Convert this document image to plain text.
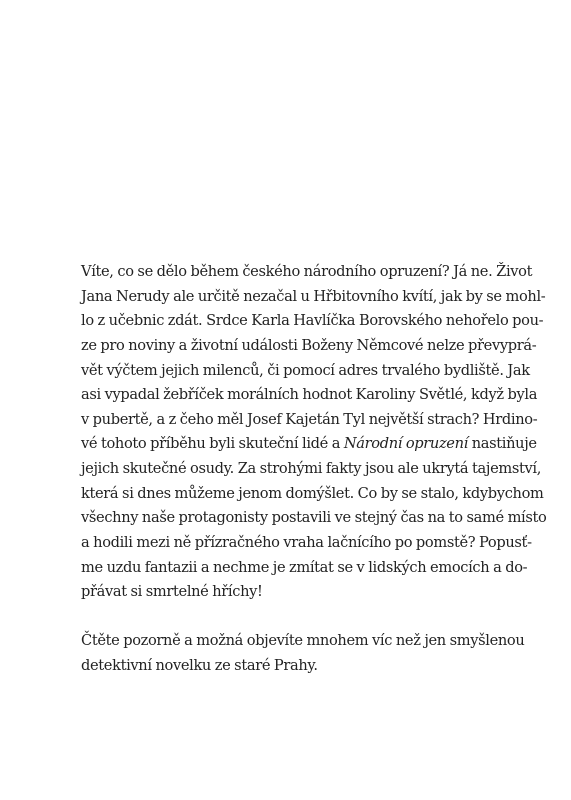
Víte, co se dělo během českého národního opruzení? Já ne. Život
Jana Nerudy ale určitě nezačal u Hřbitovního kvítí, jak by se mohl-
lo z učebnic zdát. Srdce Karla Havlíčka Borovského nehořelo pou-
ze pro noviny a životní události Boženy Němcové nelze převyprá-
vět výčtem jejich milenců, či pomocí adres trvalého bydliště. Jak
asi vypadal žebříček morálních hodnot Karoliny Světlé, když byla
v pubertě, a z čeho měl Josef Kajetán Tyl největší strach? Hrdino-
vé tohoto příběhu byli skuteční lidé a Národní opruzení nastiňuje
jejich skutečné osudy. Za strohými fakty jsou ale ukrytá tajemství,
která si dnes můžeme jenom domýšlet. Co by se stalo, kdybychom
všechny naše protagonisty postavili ve stejný čas na to samé místo
a hodili mezi ně přízračného vraha lačnícího po pomstě? Popusť-
me uzdu fantazii a nechme je zmítat se v lidských emocích a do-
přávat si smrtelné hříchy!

Čtěte pozorně a možná objevíte mnohem víc než jen smyšlenou
detektivní novelku ze staré Prahy.
